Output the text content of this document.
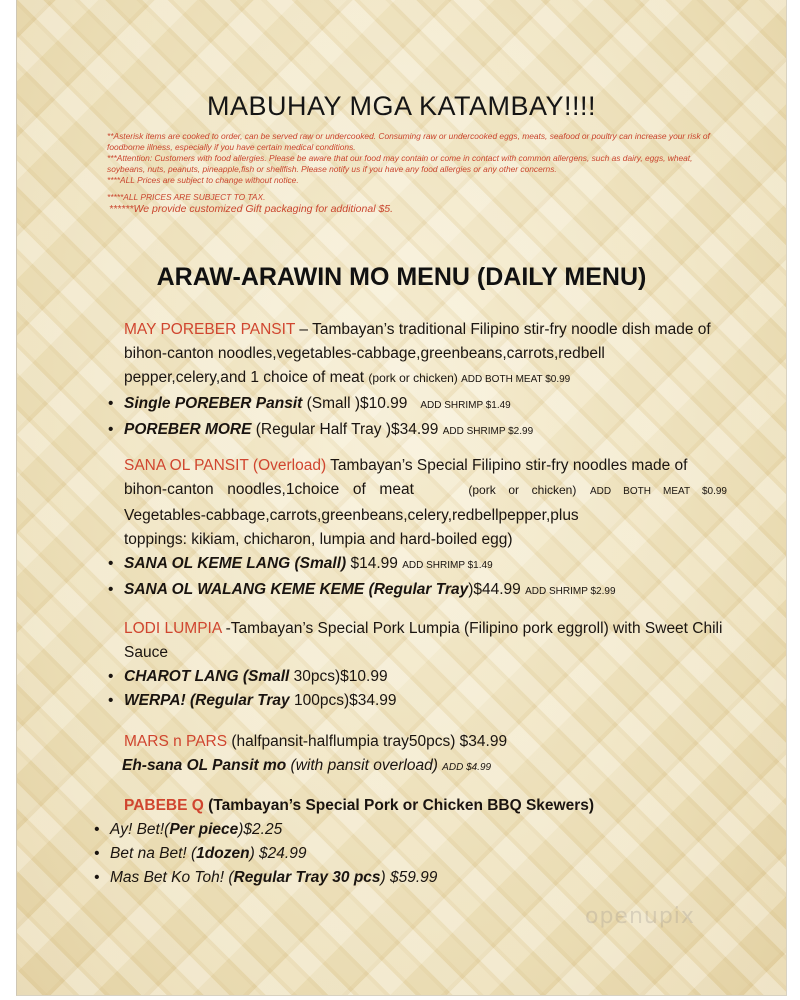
MABUHAY MGA KATAMBAY!!!!

**Asterisk items are cooked to order, can be served raw or undercooked. Consuming raw or undercooked eggs, meats, seafood or poultry can increase your risk of foodborne illness, especially if you have certain medical conditions.

***Attention: Customers with food allergies. Please be aware that our food may contain or come in contact with common allergens, such as dairy, eggs, wheat, soybeans, nuts, peanuts, pineapple,fish or shellfish. Please notify us if you have any food allergies or any other concerns.

****ALL Prices are subject to change without notice.

*****ALL PRICES ARE SUBJECT TO TAX.

******We provide customized Gift packaging for additional $5.

ARAW-ARAWIN MO MENU (DAILY MENU)

MAY POREBER PANSIT – Tambayan’s traditional Filipino stir-fry noodle dish made of bihon-canton noodles,vegetables-cabbage,greenbeans,carrots,redbell pepper,celery,and 1 choice of meat (pork or chicken) ADD BOTH MEAT $0.99

• Single POREBER Pansit (Small )$10.99 ADD SHRIMP $1.49

• POREBER MORE (Regular Half Tray )$34.99 ADD SHRIMP $2.99

SANA OL PANSIT (Overload) Tambayan’s Special Filipino stir-fry noodles made of

bihon-canton noodles,1choice of meat	(pork or chicken) ADD BOTH MEAT $0.99

Vegetables-cabbage,carrots,greenbeans,celery,redbellpepper,plus

toppings: kikiam, chicharon, lumpia and hard-boiled egg)

• SANA OL KEME LANG (Small) $14.99 ADD SHRIMP $1.49

• SANA OL WALANG KEME KEME (Regular Tray)$44.99 ADD SHRIMP $2.99

LODI LUMPIA -Tambayan’s Special Pork Lumpia (Filipino pork eggroll) with Sweet Chili Sauce

• CHAROT LANG (Small 30pcs)$10.99

• WERPA! (Regular Tray 100pcs)$34.99

MARS n PARS (halfpansit-halflumpia tray50pcs) $34.99

Eh-sana OL Pansit mo (with pansit overload) ADD $4.99

PABEBE Q (Tambayan’s Special Pork or Chicken BBQ Skewers)

• Ay! Bet!(Per piece)$2.25

• Bet na Bet! (1dozen) $24.99

• Mas Bet Ko Toh! (Regular Tray 30 pcs) $59.99

openupix
